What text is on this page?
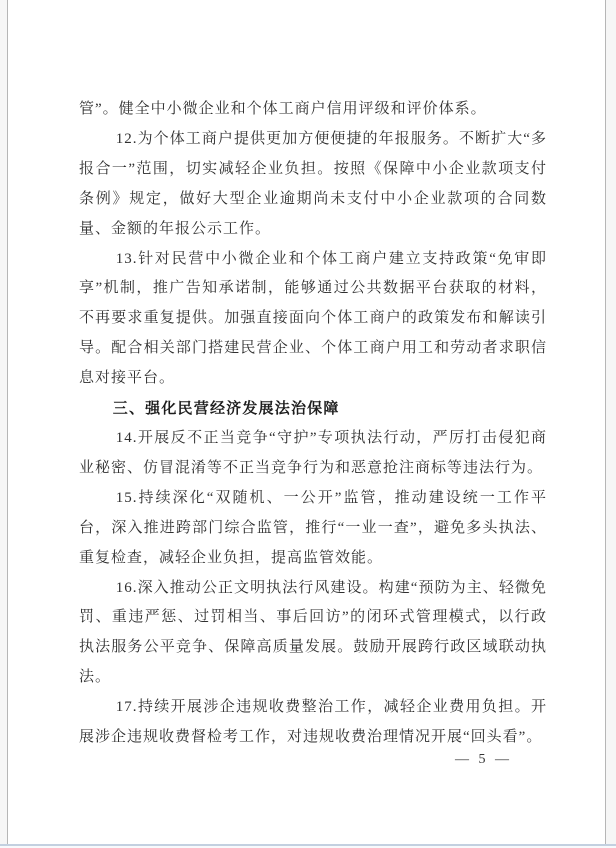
管”。健全中小微企业和个体工商户信用评级和评价体系。

12.为个体工商户提供更加方便便捷的年报服务。不断扩大“多报合一”范围，切实减轻企业负担。按照《保障中小企业款项支付条例》规定，做好大型企业逾期尚未支付中小企业款项的合同数量、金额的年报公示工作。

13.针对民营中小微企业和个体工商户建立支持政策“免审即享”机制，推广告知承诺制，能够通过公共数据平台获取的材料，不再要求重复提供。加强直接面向个体工商户的政策发布和解读引导。配合相关部门搭建民营企业、个体工商户用工和劳动者求职信息对接平台。

三、强化民营经济发展法治保障

14.开展反不正当竞争“守护”专项执法行动，严厉打击侵犯商业秘密、仿冒混淆等不正当竞争行为和恶意抢注商标等违法行为。

15.持续深化“双随机、一公开”监管，推动建设统一工作平台，深入推进跨部门综合监管，推行“一业一查”，避免多头执法、重复检查，减轻企业负担，提高监管效能。

16.深入推动公正文明执法行风建设。构建“预防为主、轻微免罚、重违严惩、过罚相当、事后回访”的闭环式管理模式，以行政执法服务公平竞争、保障高质量发展。鼓励开展跨行政区域联动执法。

17.持续开展涉企违规收费整治工作，减轻企业费用负担。开展涉企违规收费督检考工作，对违规收费治理情况开展“回头看”。

— 5 —
